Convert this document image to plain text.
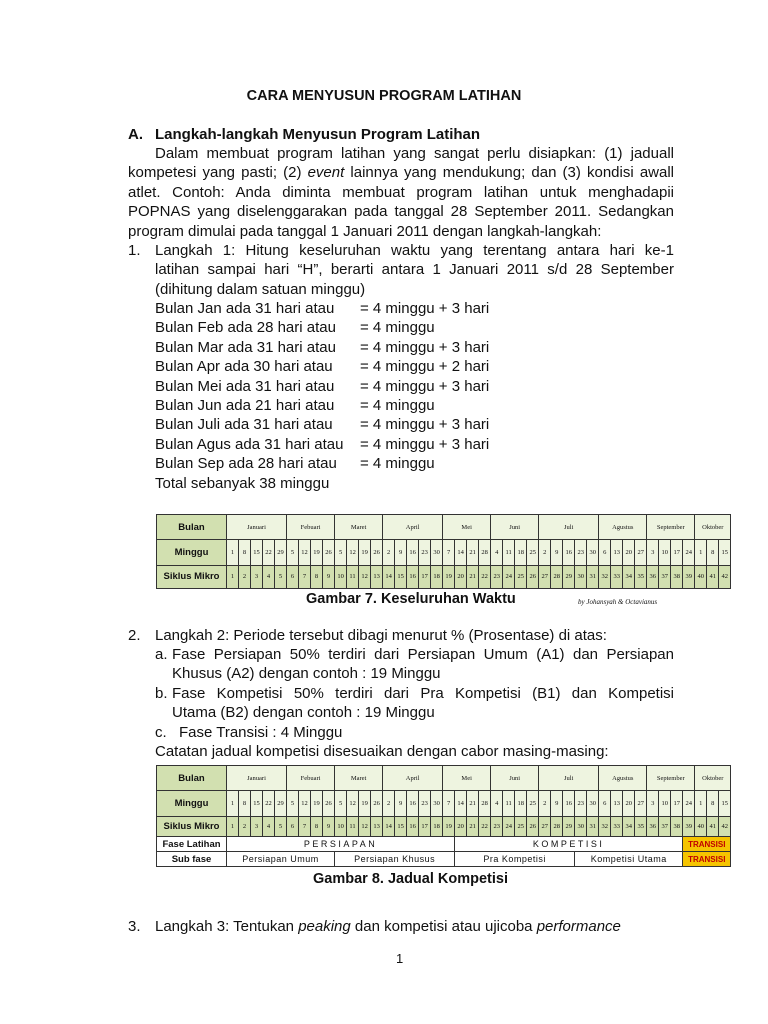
CARA MENYUSUN PROGRAM LATIHAN
A. Langkah-langkah Menyusun Program Latihan
Dalam membuat program latihan yang sangat perlu disiapkan: (1) jaduall
kompetesi yang pasti; (2) event lainnya yang mendukung; dan (3) kondisi awall
atlet. Contoh: Anda diminta membuat program latihan untuk menghadapii
POPNAS yang diselenggarakan pada tanggal 28 September 2011. Sedangkan
program dimulai pada tanggal 1 Januari 2011 dengan langkah-langkah:
1. Langkah 1: Hitung keseluruhan waktu yang terentang antara hari ke-1
latihan sampai hari “H”, berarti antara 1 Januari 2011 s/d 28 September
(dihitung dalam satuan minggu)
Bulan Jan ada 31 hari atau = 4 minggu + 3 hari
Bulan Feb ada 28 hari atau = 4 minggu
Bulan Mar ada 31 hari atau = 4 minggu + 3 hari
Bulan Apr ada 30 hari atau = 4 minggu + 2 hari
Bulan Mei ada 31 hari atau = 4 minggu + 3 hari
Bulan Jun ada 21 hari atau = 4 minggu
Bulan Juli ada 31 hari atau = 4 minggu + 3 hari
Bulan Agus ada 31 hari atau = 4 minggu + 3 hari
Bulan Sep ada 28 hari atau = 4 minggu
Total sebanyak 38 minggu
Bulan	Januari					Febuari				Maret				April					Mei				Juni				Juli					Agustus				September				Oktober		
Minggu	1	8	15	22	29	5	12	19	26	5	12	19	26	2	9	16	23	30	7	14	21	28	4	11	18	25	2	9	16	23	30	6	13	20	27	3	10	17	24	1	8	15
Siklus Mikro	1	2	3	4	5	6	7	8	9	10	11	12	13	14	15	16	17	18	19	20	21	22	23	24	25	26	27	28	29	30	31	32	33	34	35	36	37	38	39	40	41	42
Gambar 7. Keseluruhan Waktu	by Johansyah & Octavianus
2. Langkah 2: Periode tersebut dibagi menurut % (Prosentase) di atas:
a. Fase Persiapan 50% terdiri dari Persiapan Umum (A1) dan Persiapan
Khusus (A2) dengan contoh : 19 Minggu
b. Fase Kompetisi 50% terdiri dari Pra Kompetisi (B1) dan Kompetisi
Utama (B2) dengan contoh : 19 Minggu
c. Fase Transisi : 4 Minggu
Catatan jadual kompetisi disesuaikan dengan cabor masing-masing:
Bulan	Januari					Febuari				Maret				April					Mei				Juni				Juli					Agustus				September				Oktober		
Minggu	1	8	15	22	29	5	12	19	26	5	12	19	26	2	9	16	23	30	7	14	21	28	4	11	18	25	2	9	16	23	30	6	13	20	27	3	10	17	24	1	8	15
Siklus Mikro	1	2	3	4	5	6	7	8	9	10	11	12	13	14	15	16	17	18	19	20	21	22	23	24	25	26	27	28	29	30	31	32	33	34	35	36	37	38	39	40	41	42
Fase Latihan	PERSIAPAN																			KOMPETISI																			TRANSISI			
Sub fase	Persiapan Umum									Persiapan Khusus										Pra Kompetisi										Kompetisi Utama									TRANSISI			
Gambar 8. Jadual Kompetisi
3. Langkah 3: Tentukan peaking dan kompetisi atau ujicoba performance
1
